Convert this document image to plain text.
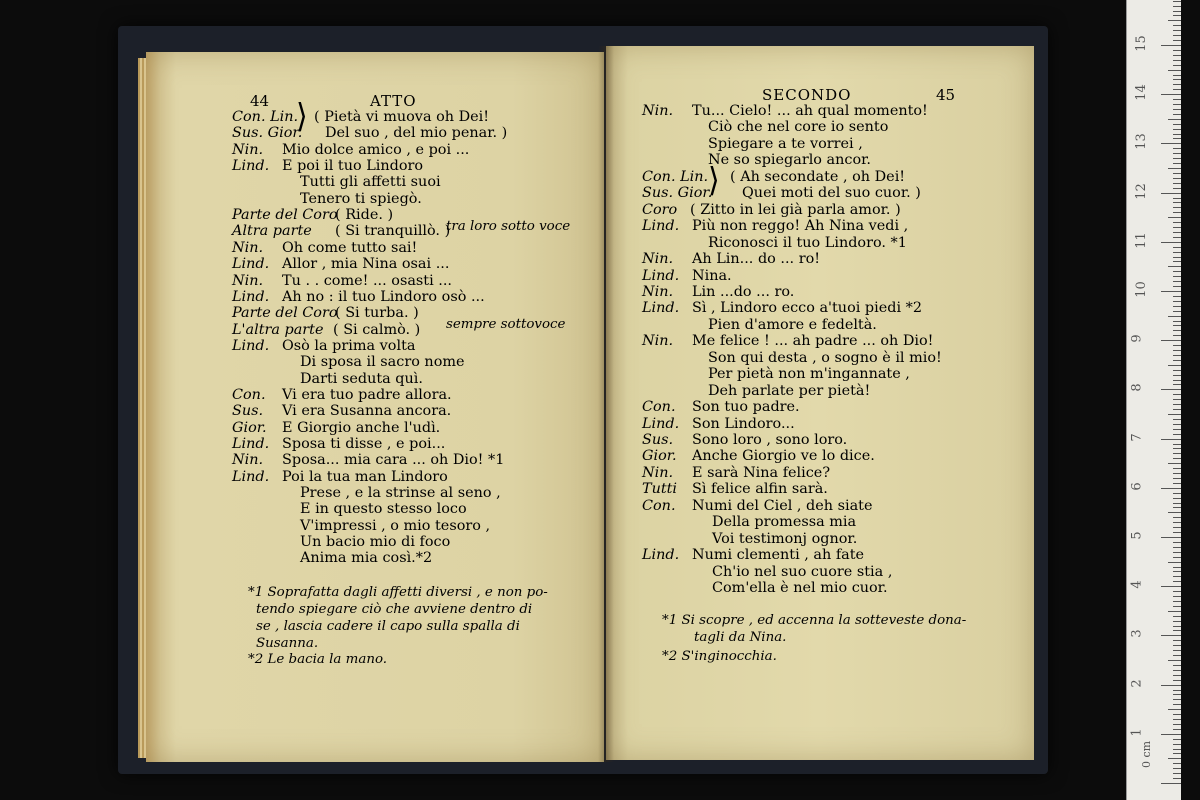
0 cm
1
2
3
4
5
6
7
8
9
10
11
12
13
14
15
44	ATTO
Con. Lin. ( Pietà vi muova oh Dei!
Sus. Gior. Del suo , del mio penar. )
Nin. Mio dolce amico , e poi ...
Lind. E poi il tuo Lindoro
Tutti gli affetti suoi
Tenero ti spiegò.
Parte del Coro
( Ride. )
Altra parte ( Si tranquillò. )
Nin. Oh come tutto sai!
Lind. Allor , mia Nina osai ...
Nin. Tu . . come! ... osasti ...
Lind. Ah no : il tuo Lindoro osò ...
Parte del Coro
( Si turba. )
L'altra parte ( Si calmò. )
Lind. Osò la prima volta
Di sposa il sacro nome
Darti seduta quì.
Con. Vi era tuo padre allora.
Sus. Vi era Susanna ancora.
Gior. E Giorgio anche l'udì.
Lind. Sposa ti disse , e poi...
Nin. Sposa... mia cara ... oh Dio! *1
Lind. Poi la tua man Lindoro
Prese , e la strinse al seno ,
E in questo stesso loco
V'impressi , o mio tesoro ,
Un bacio mio di foco
Anima mia così.*2
⟩
tra loro sotto voce
sempre sottovoce
*1 Soprafatta dagli affetti diversi , e non po-
tendo spiegare ciò che avviene dentro di
se , lascia cadere il capo sulla spalla di
Susanna.
*2 Le bacia la mano.
SECONDO	45
Nin. Tu... Cielo! ... ah qual momento!
Ciò che nel core io sento
Spiegare a te vorrei ,
Ne so spiegarlo ancor.
Con. Lin. ( Ah secondate , oh Dei!
Sus. Gior. Quei moti del suo cuor. )
Coro ( Zitto in lei già parla amor. )
Lind. Più non reggo! Ah Nina vedi ,
Riconosci il tuo Lindoro. *1
Nin. Ah Lin... do ... ro!
Lind. Nina.
Nin. Lin ...do ... ro.
Lind. Sì , Lindoro ecco a'tuoi piedi *2
Pien d'amore e fedeltà.
Nin. Me felice ! ... ah padre ... oh Dio!
Son qui desta , o sogno è il mio!
Per pietà non m'ingannate ,
Deh parlate per pietà!
Con. Son tuo padre.
Lind. Son Lindoro...
Sus. Sono loro , sono loro.
Gior. Anche Giorgio ve lo dice.
Nin. E sarà Nina felice?
Tutti Sì felice alfin sarà.
Con. Numi del Ciel , deh siate
Della promessa mia
Voi testimonj ognor.
Lind. Numi clementi , ah fate
Ch'io nel suo cuore stia ,
Com'ella è nel mio cuor.
⟩
*1 Si scopre , ed accenna la sotteveste dona-
tagli da Nina.
*2 S'inginocchia.
